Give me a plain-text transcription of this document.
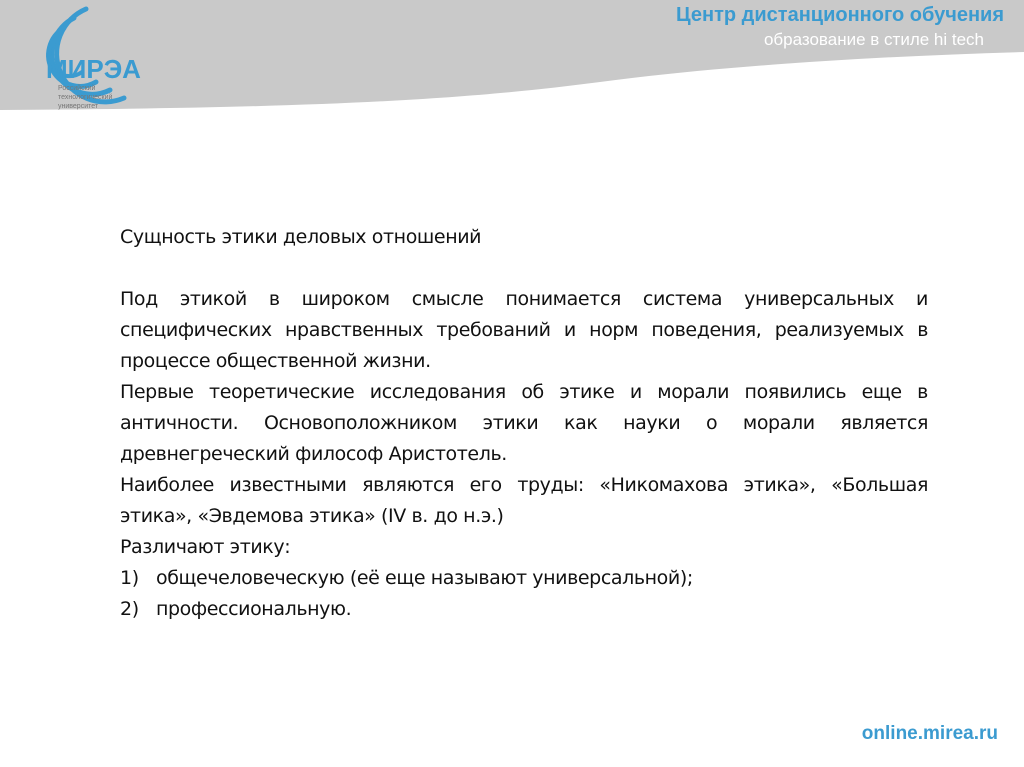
МИРЭА
Российский
технологический
университет
Центр дистанционного обучения
образование в стиле hi tech

Сущность этики деловых отношений

Под этикой в широком смысле понимается система универсальных и специфических нравственных требований и норм поведения, реализуемых в процессе общественной жизни.

Первые теоретические исследования об этике и морали появились еще в античности. Основоположником этики как науки о морали является древнегреческий философ Аристотель.

Наиболее известными являются его труды: «Никомахова этика», «Большая этика», «Эвдемова этика» (IV в. до н.э.)

Различают этику:

1) общечеловеческую (её еще называют универсальной);
2) профессиональную.
online.mirea.ru
